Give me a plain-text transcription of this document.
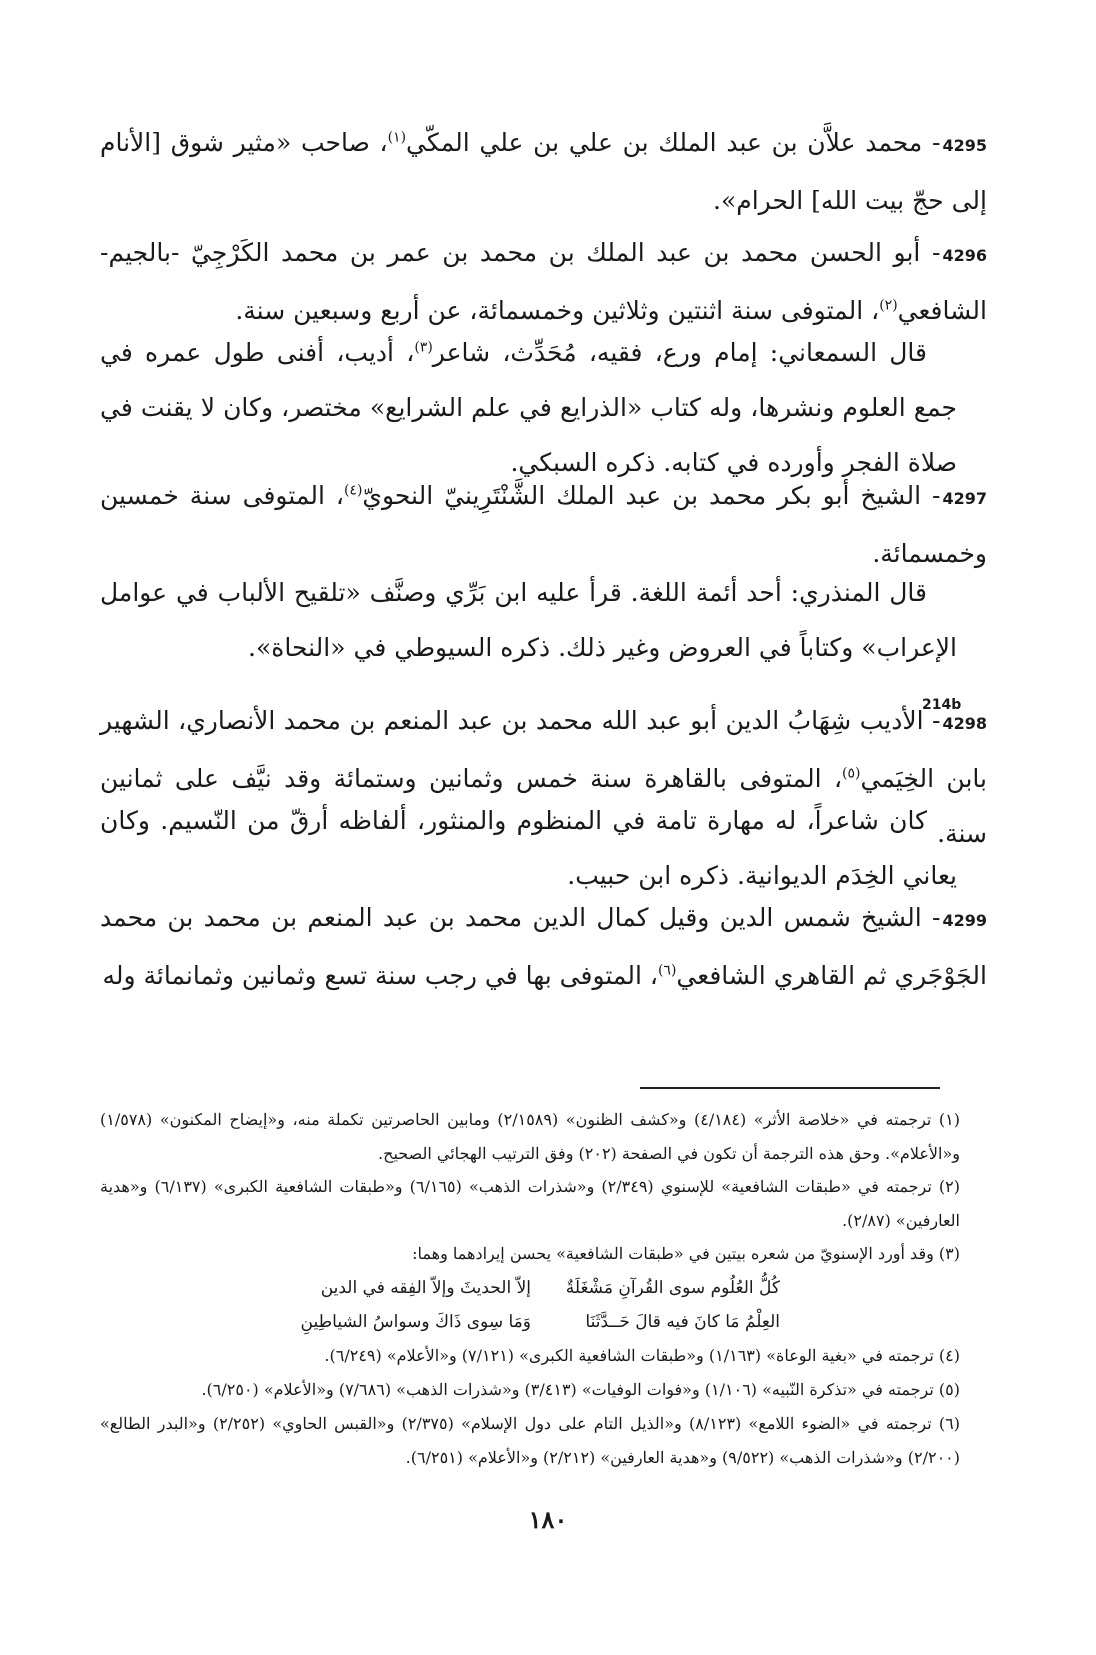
4295- محمد علاَّن بن عبد الملك بن علي بن علي المكّي$^{(١)}$، صاحب «مثير شوق [الأنام إلى حجّ بيت الله] الحرام».
4296- أبو الحسن محمد بن عبد الملك بن محمد بن عمر بن محمد الكَرْجِيّ -بالجيم- الشافعي$^{(٢)}$، المتوفى سنة اثنتين وثلاثين وخمسمائة، عن أربع وسبعين سنة.
قال السمعاني: إمام ورع، فقيه، مُحَدِّث، شاعر$^{(٣)}$، أديب، أفنى طول عمره في جمع العلوم ونشرها، وله كتاب «الذرايع في علم الشرايع» مختصر، وكان لا يقنت في صلاة الفجر وأورده في كتابه. ذكره السبكي.
4297- الشيخ أبو بكر محمد بن عبد الملك الشَّنْتَرِينيّ النحويّ$^{(٤)}$، المتوفى سنة خمسين وخمسمائة.
قال المنذري: أحد أئمة اللغة. قرأ عليه ابن بَرِّي وصنَّف «تلقيح الألباب في عوامل الإعراب» وكتاباً في العروض وغير ذلك. ذكره السيوطي في «النحاة».
214b
4298- الأديب شِهَابُ الدين أبو عبد الله محمد بن عبد المنعم بن محمد الأنصاري، الشهير بابن الخِيَمي$^{(٥)}$، المتوفى بالقاهرة سنة خمس وثمانين وستمائة وقد نيَّف على ثمانين سنة.
كان شاعراً، له مهارة تامة في المنظوم والمنثور، ألفاظه أرقّ من النّسيم. وكان يعاني الخِدَم الديوانية. ذكره ابن حبيب.
4299- الشيخ شمس الدين وقيل كمال الدين محمد بن عبد المنعم بن محمد بن محمد الجَوْجَري ثم القاهري الشافعي$^{(٦)}$، المتوفى بها في رجب سنة تسع وثمانين وثمانمائة وله
(١) ترجمته في «خلاصة الأثر» (٤/١٨٤) و«كشف الظنون» (٢/١٥٨٩) ومابين الحاصرتين تكملة منه، و«إيضاح المكنون» (١/٥٧٨) و«الأعلام». وحق هذه الترجمة أن تكون في الصفحة (٢٠٢) وفق الترتيب الهجائي الصحيح.
(٢) ترجمته في «طبقات الشافعية» للإسنوي (٢/٣٤٩) و«شذرات الذهب» (٦/١٦٥) و«طبقات الشافعية الكبرى» (٦/١٣٧) و«هدية العارفين» (٢/٨٧).
(٣) وقد أورد الإسنويّ من شعره بيتين في «طبقات الشافعية» يحسن إيرادهما وهما:
كُلُّ العُلُوم سوى القُرآنِ مَشْغَلَةٌ
إلاّ الحديثَ وإلاّ الفِقه في الدين
العِلْمُ مَا كانَ فيه قالَ حَــدَّثَنَا
وَمَا سِوى ذَاكَ وسواسُ الشياطِينِ
(٤) ترجمته في «بغية الوعاة» (١/١٦٣) و«طبقات الشافعية الكبرى» (٧/١٢١) و«الأعلام» (٦/٢٤٩).
(٥) ترجمته في «تذكرة النّبيه» (١/١٠٦) و«فوات الوفيات» (٣/٤١٣) و«شذرات الذهب» (٧/٦٨٦) و«الأعلام» (٦/٢٥٠).
(٦) ترجمته في «الضوء اللامع» (٨/١٢٣) و«الذيل التام على دول الإسلام» (٢/٣٧٥) و«القبس الحاوي» (٢/٢٥٢) و«البدر الطالع» (٢/٢٠٠) و«شذرات الذهب» (٩/٥٢٢) و«هدية العارفين» (٢/٢١٢) و«الأعلام» (٦/٢٥١).
١٨٠
